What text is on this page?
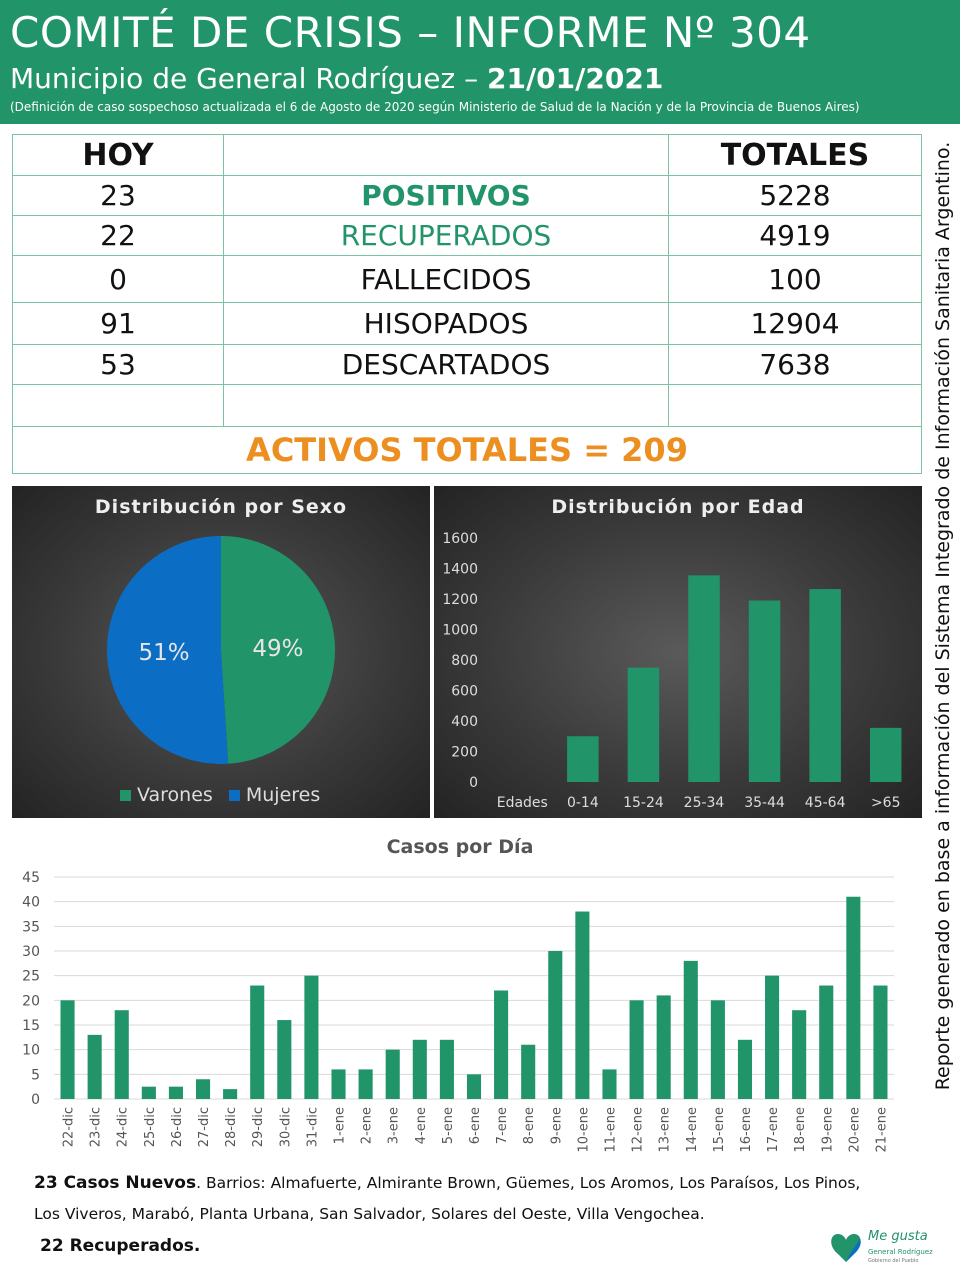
COMITÉ DE CRISIS – INFORME Nº 304
Municipio de General Rodríguez – 21/01/2021
(Definición de caso sospechoso actualizada el 6 de Agosto de 2020 según Ministerio de Salud de la Nación y de la Provincia de Buenos Aires)
HOY		TOTALES
23	POSITIVOS	5228
22	RECUPERADOS	4919
0	FALLECIDOS	100
91	HISOPADOS	12904
53	DESCARTADOS	7638

ACTIVOS TOTALES = 209			Reporte generado en base a información del Sistema Integrado de Información Sanitaria Argentino.
Distribución por Sexo
49%
51%
Varones Mujeres
Distribución por Edad
0
200
400
600
800
1000
1200
1400
1600
Edades 0-14 15-24 25-34 35-44 45-64 >65
Casos por Día
0
5
10
15
20
25
30
35
40
45
22-dic 23-dic 24-dic 25-dic 26-dic 27-dic 28-dic 29-dic 30-dic 31-dic 1-ene 2-ene 3-ene 4-ene 5-ene 6-ene 7-ene 8-ene 9-ene 10-ene 11-ene 12-ene 13-ene 14-ene 15-ene 16-ene 17-ene 18-ene 19-ene 20-ene 21-ene
23 Casos Nuevos. Barrios: Almafuerte, Almirante Brown, Güemes, Los Aromos, Los Paraísos, Los Pinos,
Los Viveros, Marabó, Planta Urbana, San Salvador, Solares del Oeste, Villa Vengochea.
22 Recuperados.	Me gusta
General Rodríguez
Gobierno del Pueblo
